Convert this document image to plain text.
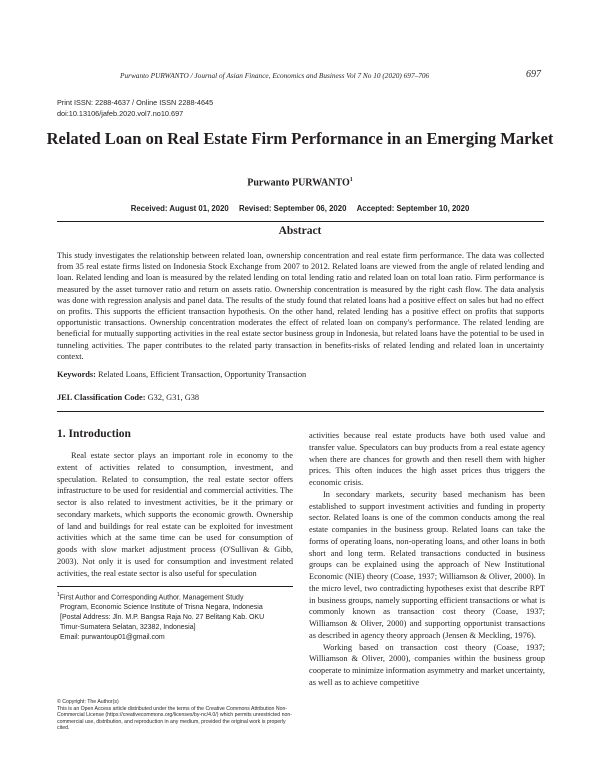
Purwanto PURWANTO / Journal of Asian Finance, Economics and Business Vol 7 No 10 (2020) 697–706	697
Print ISSN: 2288-4637 / Online ISSN 2288-4645
doi:10.13106/jafeb.2020.vol7.no10.697
Related Loan on Real Estate Firm Performance in an Emerging Market
Purwanto PURWANTO$^1$
Received: August 01, 2020 Revised: September 06, 2020 Accepted: September 10, 2020
Abstract
This study investigates the relationship between related loan, ownership concentration and real estate firm performance. The data was collected from 35 real estate firms listed on Indonesia Stock Exchange from 2007 to 2012. Related loans are viewed from the angle of related lending and loan. Related lending and loan is measured by the related lending on total lending ratio and related loan on total loan ratio. Firm performance is measured by the asset turnover ratio and return on assets ratio. Ownership concentration is measured by the right cash flow. The data analysis was done with regression analysis and panel data. The results of the study found that related loans had a positive effect on sales but had no effect on profits. This supports the efficient transaction hypothesis. On the other hand, related lending has a positive effect on profits that supports opportunistic transactions. Ownership concentration moderates the effect of related loan on company's performance. The related lending are beneficial for mutually supporting activities in the real estate sector business group in Indonesia, but related loans have the potential to be used in tunneling activities. The paper contributes to the related party transaction in benefits-risks of related lending and related loan in uncertainty context.
Keywords: Related Loans, Efficient Transaction, Opportunity Transaction
JEL Classification Code: G32, G31, G38
1. Introduction

Real estate sector plays an important role in economy to the extent of activities related to consumption, investment, and speculation. Related to consumption, the real estate sector offers infrastructure to be used for residential and commercial activities. The sector is also related to investment activities, be it the primary or secondary markets, which supports the economic growth. Ownership of land and buildings for real estate can be exploited for investment activities which at the same time can be used for consumption of goods with slow market adjustment process (O'Sullivan & Gibb, 2003). Not only it is used for consumption and investment related activities, the real estate sector is also useful for speculation

activities because real estate products have both used value and transfer value. Speculators can buy products from a real estate agency when there are chances for growth and then resell them with higher prices. This often induces the high asset prices thus triggers the economic crisis.

In secondary markets, security based mechanism has been established to support investment activities and funding in property sector. Related loans is one of the common conducts among the real estate companies in the business group. Related loans can take the forms of operating loans, non-operating loans, and other loans in both short and long term. Related transactions conducted in business groups can be explained using the approach of New Institutional Economic (NIE) theory (Coase, 1937; Williamson & Oliver, 2000). In the micro level, two contradicting hypotheses exist that describe RPT in business groups, namely supporting efficient transactions or what is commonly known as transaction cost theory (Coase, 1937; Williamson & Oliver, 2000) and supporting opportunist transactions as described in agency theory approach (Jensen & Meckling, 1976).

Working based on transaction cost theory (Coase, 1937; Williamson & Oliver, 2000), companies within the business group cooperate to minimize information asymmetry and market uncertainty, as well as to achieve competitive

$^1$First Author and Corresponding Author. Management Study
Program, Economic Science Institute of Trisna Negara, Indonesia
[Postal Address: Jln. M.P. Bangsa Raja No. 27 Belitang Kab. OKU
Timur-Sumatera Selatan, 32382, Indonesia]
Email: purwantoup01@gmail.com
© Copyright: The Author(s)
This is an Open Access article distributed under the terms of the Creative Commons Attribution Non-Commercial License (https://creativecommons.org/licenses/by-nc/4.0/) which permits unrestricted non-commercial use, distribution, and reproduction in any medium, provided the original work is properly cited.
